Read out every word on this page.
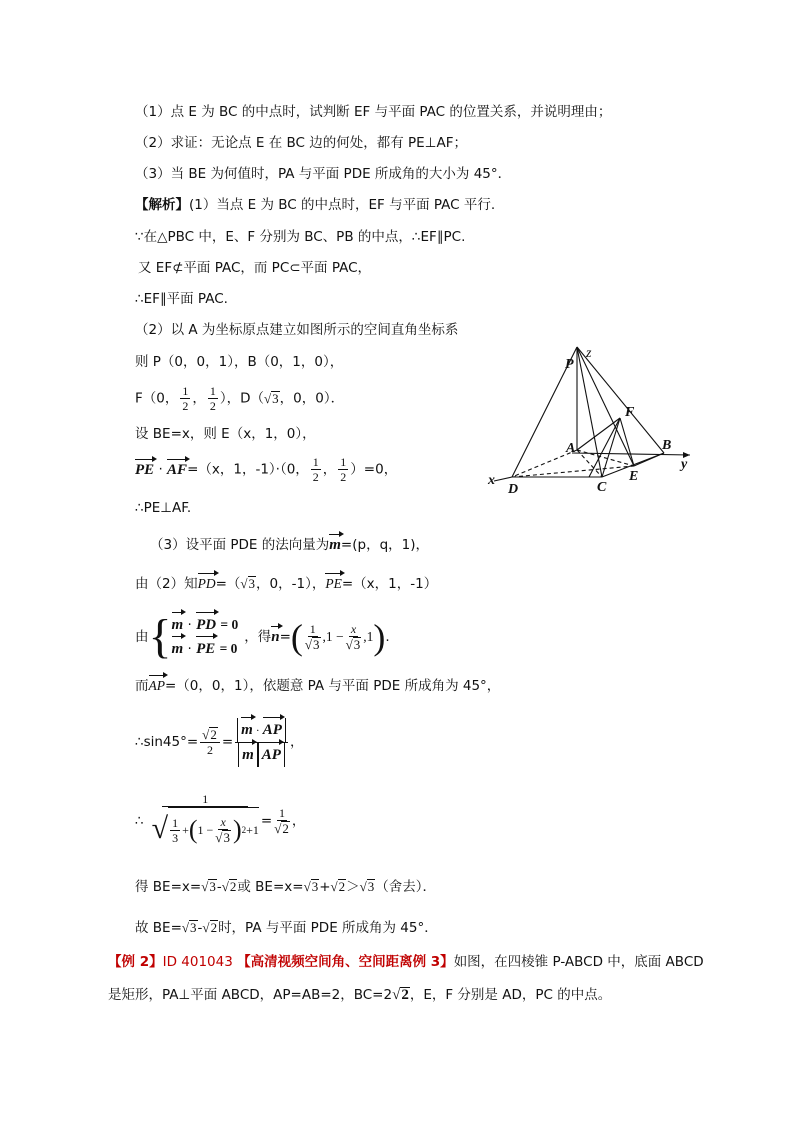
（1）点 E 为 BC 的中点时，试判断 EF 与平面 PAC 的位置关系，并说明理由；
（2）求证：无论点 E 在 BC 边的何处，都有 PE⊥AF；
（3）当 BE 为何值时，PA 与平面 PDE 所成角的大小为 45°．
【解析】(1）当点 E 为 BC 的中点时，EF 与平面 PAC 平行.
∵在△PBC 中，E、F 分别为 BC、PB 的中点，∴EF∥PC.
又 EF⊄平面 PAC，而 PC⊂平面 PAC，
∴EF∥平面 PAC.
（2）以 A 为坐标原点建立如图所示的空间直角坐标系
则 P（0，0，1），B（0，1，0），
F（0， $\frac{1}{2}$ ， $\frac{1}{2}$ ），D（√3，0，0）．
设 BE=x，则 E（x，1，0），
PE · AF=（x，1，-1）·（0， $\frac{1}{2}$ ， $\frac{1}{2} )=0$，
∴PE⊥AF.
（3）设平面 PDE 的法向量为m=(p，q，1)，
由（2）知PD=（√3，0，-1），PE=（x，1，-1）
由 { m · PD = 0
m · PE = 0
，得 n = ( $\frac{1}{√3}$ , $1 - \frac{x}{√3}$ , 1 ) .
而AP=（0，0，1），依题意 PA 与平面 PDE 所成角为 45°，
∴sin45°= $\frac{√2}{2} = \frac{m \cdot AP}{\text{m AP}}$ ，
∴
1
√ $\frac{1}{3}$ + ( $1 - \frac{x}{√3}$ ) 2 + 1
= $\frac{1}{√2}$ ，
得 BE=x=√3-√2或 BE=x=√3+√2＞√3（舍去）．
故 BE=√3-√2时，PA 与平面 PDE 所成角为 45°．
【例 2】ID 401043 【高清视频空间角、空间距离例 3】如图，在四棱锥 P-ABCD 中，底面 ABCD
是矩形，PA⊥平面 ABCD，AP=AB=2，BC=2√2，E，F 分别是 AD，PC 的中点。
P
z
F
A	B
y
x
D	C
E
